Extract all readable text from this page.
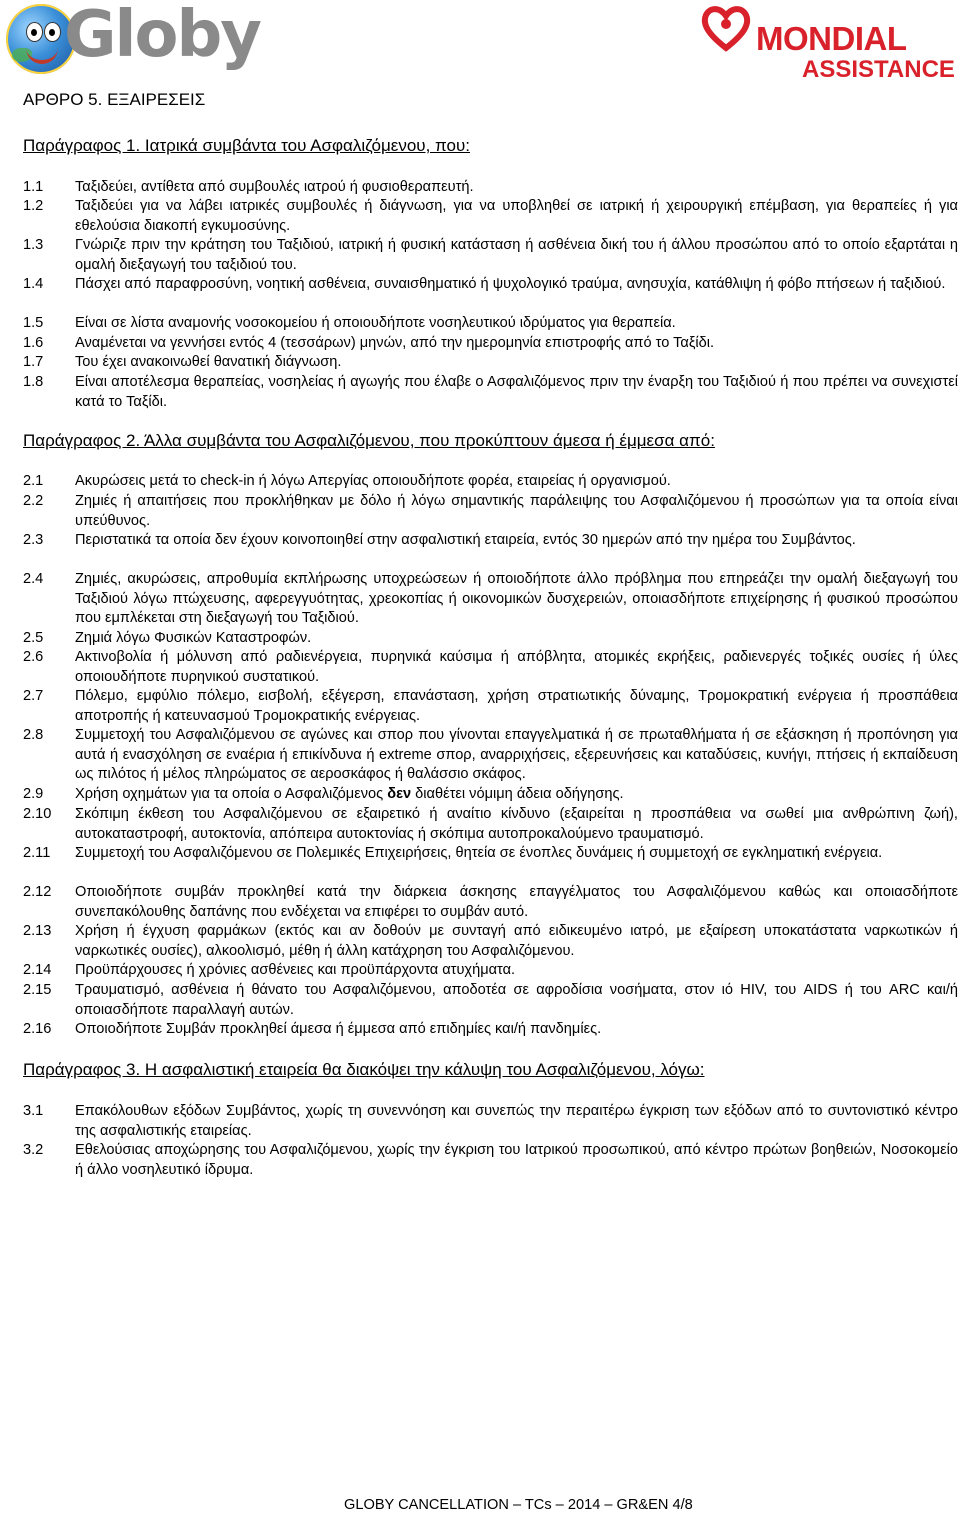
Globy	MONDIAL
ASSISTANCE
ΑΡΘΡΟ 5. ΕΞΑΙΡΕΣΕΙΣ
Παράγραφος 1. Ιατρικά συμβάντα του Ασφαλιζόμενου, που:
1.1	Ταξιδεύει, αντίθετα από συμβουλές ιατρού ή φυσιοθεραπευτή.
1.2	Ταξιδεύει για να λάβει ιατρικές συμβουλές ή διάγνωση, για να υποβληθεί σε ιατρική ή χειρουργική επέμβαση, για θεραπείες ή για εθελούσια διακοπή εγκυμοσύνης.
1.3	Γνώριζε πριν την κράτηση του Ταξιδιού, ιατρική ή φυσική κατάσταση ή ασθένεια δική του ή άλλου προσώπου από το οποίο εξαρτάται η ομαλή διεξαγωγή του ταξιδιού του.
1.4	Πάσχει από παραφροσύνη, νοητική ασθένεια, συναισθηματικό ή ψυχολογικό τραύμα, ανησυχία, κατάθλιψη ή φόβο πτήσεων ή ταξιδιού.
1.5	Είναι σε λίστα αναμονής νοσοκομείου ή οποιουδήποτε νοσηλευτικού ιδρύματος για θεραπεία.
1.6	Αναμένεται να γεννήσει εντός 4 (τεσσάρων) μηνών, από την ημερομηνία επιστροφής από το Ταξίδι.
1.7	Του έχει ανακοινωθεί θανατική διάγνωση.
1.8	Είναι αποτέλεσμα θεραπείας, νοσηλείας ή αγωγής που έλαβε ο Ασφαλιζόμενος πριν την έναρξη του Ταξιδιού ή που πρέπει να συνεχιστεί κατά το Ταξίδι.
Παράγραφος 2. Άλλα συμβάντα του Ασφαλιζόμενου, που προκύπτουν άμεσα ή έμμεσα από:
2.1	Ακυρώσεις μετά το check-in ή λόγω Απεργίας οποιουδήποτε φορέα, εταιρείας ή οργανισμού.
2.2	Ζημιές ή απαιτήσεις που προκλήθηκαν με δόλο ή λόγω σημαντικής παράλειψης του Ασφαλιζόμενου ή προσώπων για τα οποία είναι υπεύθυνος.
2.3	Περιστατικά τα οποία δεν έχουν κοινοποιηθεί στην ασφαλιστική εταιρεία, εντός 30 ημερών από την ημέρα του Συμβάντος.
2.4	Ζημιές, ακυρώσεις, απροθυμία εκπλήρωσης υποχρεώσεων ή οποιοδήποτε άλλο πρόβλημα που επηρεάζει την ομαλή διεξαγωγή του Ταξιδιού λόγω πτώχευσης, αφερεγγυότητας, χρεοκοπίας ή οικονομικών δυσχερειών, οποιασδήποτε επιχείρησης ή φυσικού προσώπου που εμπλέκεται στη διεξαγωγή του Ταξιδιού.
2.5	Ζημιά λόγω Φυσικών Καταστροφών.
2.6	Ακτινοβολία ή μόλυνση από ραδιενέργεια, πυρηνικά καύσιμα ή απόβλητα, ατομικές εκρήξεις, ραδιενεργές τοξικές ουσίες ή ύλες οποιουδήποτε πυρηνικού συστατικού.
2.7	Πόλεμο, εμφύλιο πόλεμο, εισβολή, εξέγερση, επανάσταση, χρήση στρατιωτικής δύναμης, Τρομοκρατική ενέργεια ή προσπάθεια αποτροπής ή κατευνασμού Τρομοκρατικής ενέργειας.
2.8	Συμμετοχή του Ασφαλιζόμενου σε αγώνες και σπορ που γίνονται επαγγελματικά ή σε πρωταθλήματα ή σε εξάσκηση ή προπόνηση για αυτά ή ενασχόληση σε εναέρια ή επικίνδυνα ή extreme σπορ, αναρριχήσεις, εξερευνήσεις και καταδύσεις, κυνήγι, πτήσεις ή εκπαίδευση ως πιλότος ή μέλος πληρώματος σε αεροσκάφος ή θαλάσσιο σκάφος.
2.9	Χρήση οχημάτων για τα οποία ο Ασφαλιζόμενος δεν διαθέτει νόμιμη άδεια οδήγησης.
2.10	Σκόπιμη έκθεση του Ασφαλιζόμενου σε εξαιρετικό ή αναίτιο κίνδυνο (εξαιρείται η προσπάθεια να σωθεί μια ανθρώπινη ζωή), αυτοκαταστροφή, αυτοκτονία, απόπειρα αυτοκτονίας ή σκόπιμα αυτοπροκαλούμενο τραυματισμό.
2.11	Συμμετοχή του Ασφαλιζόμενου σε Πολεμικές Επιχειρήσεις, θητεία σε ένοπλες δυνάμεις ή συμμετοχή σε εγκληματική ενέργεια.
2.12	Οποιοδήποτε συμβάν προκληθεί κατά την διάρκεια άσκησης επαγγέλματος του Ασφαλιζόμενου καθώς και οποιασδήποτε συνεπακόλουθης δαπάνης που ενδέχεται να επιφέρει το συμβάν αυτό.
2.13	Χρήση ή έγχυση φαρμάκων (εκτός και αν δοθούν με συνταγή από ειδικευμένο ιατρό, με εξαίρεση υποκατάστατα ναρκωτικών ή ναρκωτικές ουσίες), αλκοολισμό, μέθη ή άλλη κατάχρηση του Ασφαλιζόμενου.
2.14	Προϋπάρχουσες ή χρόνιες ασθένειες και προϋπάρχοντα ατυχήματα.
2.15	Τραυματισμό, ασθένεια ή θάνατο του Ασφαλιζόμενου, αποδοτέα σε αφροδίσια νοσήματα, στον ιό HIV, του AIDS ή του ARC και/ή οποιασδήποτε παραλλαγή αυτών.
2.16	Οποιοδήποτε Συμβάν προκληθεί άμεσα ή έμμεσα από επιδημίες και/ή πανδημίες.
Παράγραφος 3. Η ασφαλιστική εταιρεία θα διακόψει την κάλυψη του Ασφαλιζόμενου, λόγω:
3.1	Επακόλουθων εξόδων Συμβάντος, χωρίς τη συνεννόηση και συνεπώς την περαιτέρω έγκριση των εξόδων από το συντονιστικό κέντρο της ασφαλιστικής εταιρείας.
3.2	Εθελούσιας αποχώρησης του Ασφαλιζόμενου, χωρίς την έγκριση του Ιατρικού προσωπικού, από κέντρο πρώτων βοηθειών, Νοσοκομείο ή άλλο νοσηλευτικό ίδρυμα.
GLOBY CANCELLATION – TCs – 2014 – GR&EN 4/8
